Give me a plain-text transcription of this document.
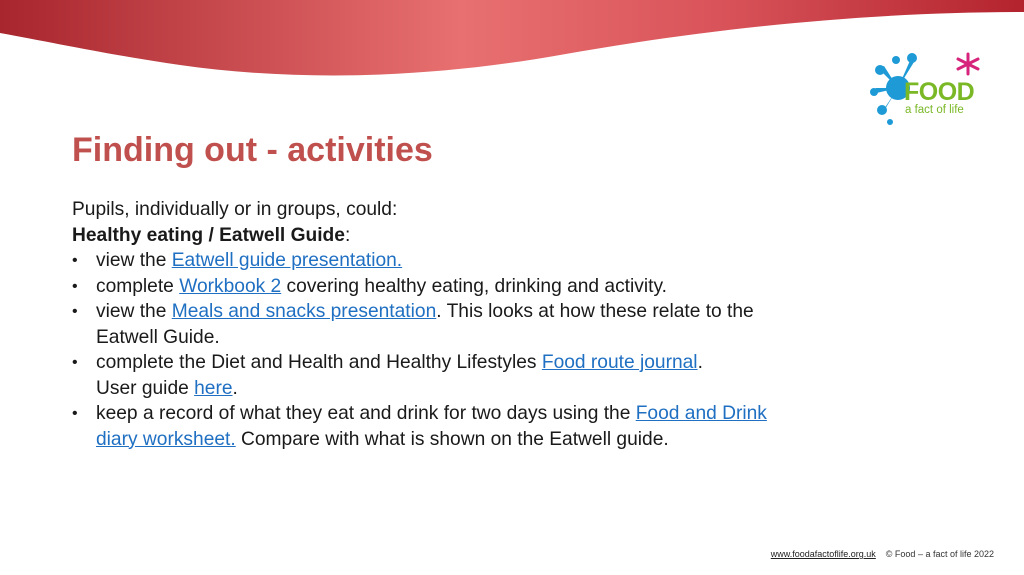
FOOD
a fact of life
Finding out - activities

Pupils, individually or in groups, could:

Healthy eating / Eatwell Guide:

• view the Eatwell guide presentation.
• complete Workbook 2 covering healthy eating, drinking and activity.
• view the Meals and snacks presentation. This looks at how these relate to the Eatwell Guide.
• complete the Diet and Health and Healthy Lifestyles Food route journal.
User guide here.
• keep a record of what they eat and drink for two days using the Food and Drink diary worksheet. Compare with what is shown on the Eatwell guide.
www.foodafactoflife.org.uk © Food – a fact of life 2022
